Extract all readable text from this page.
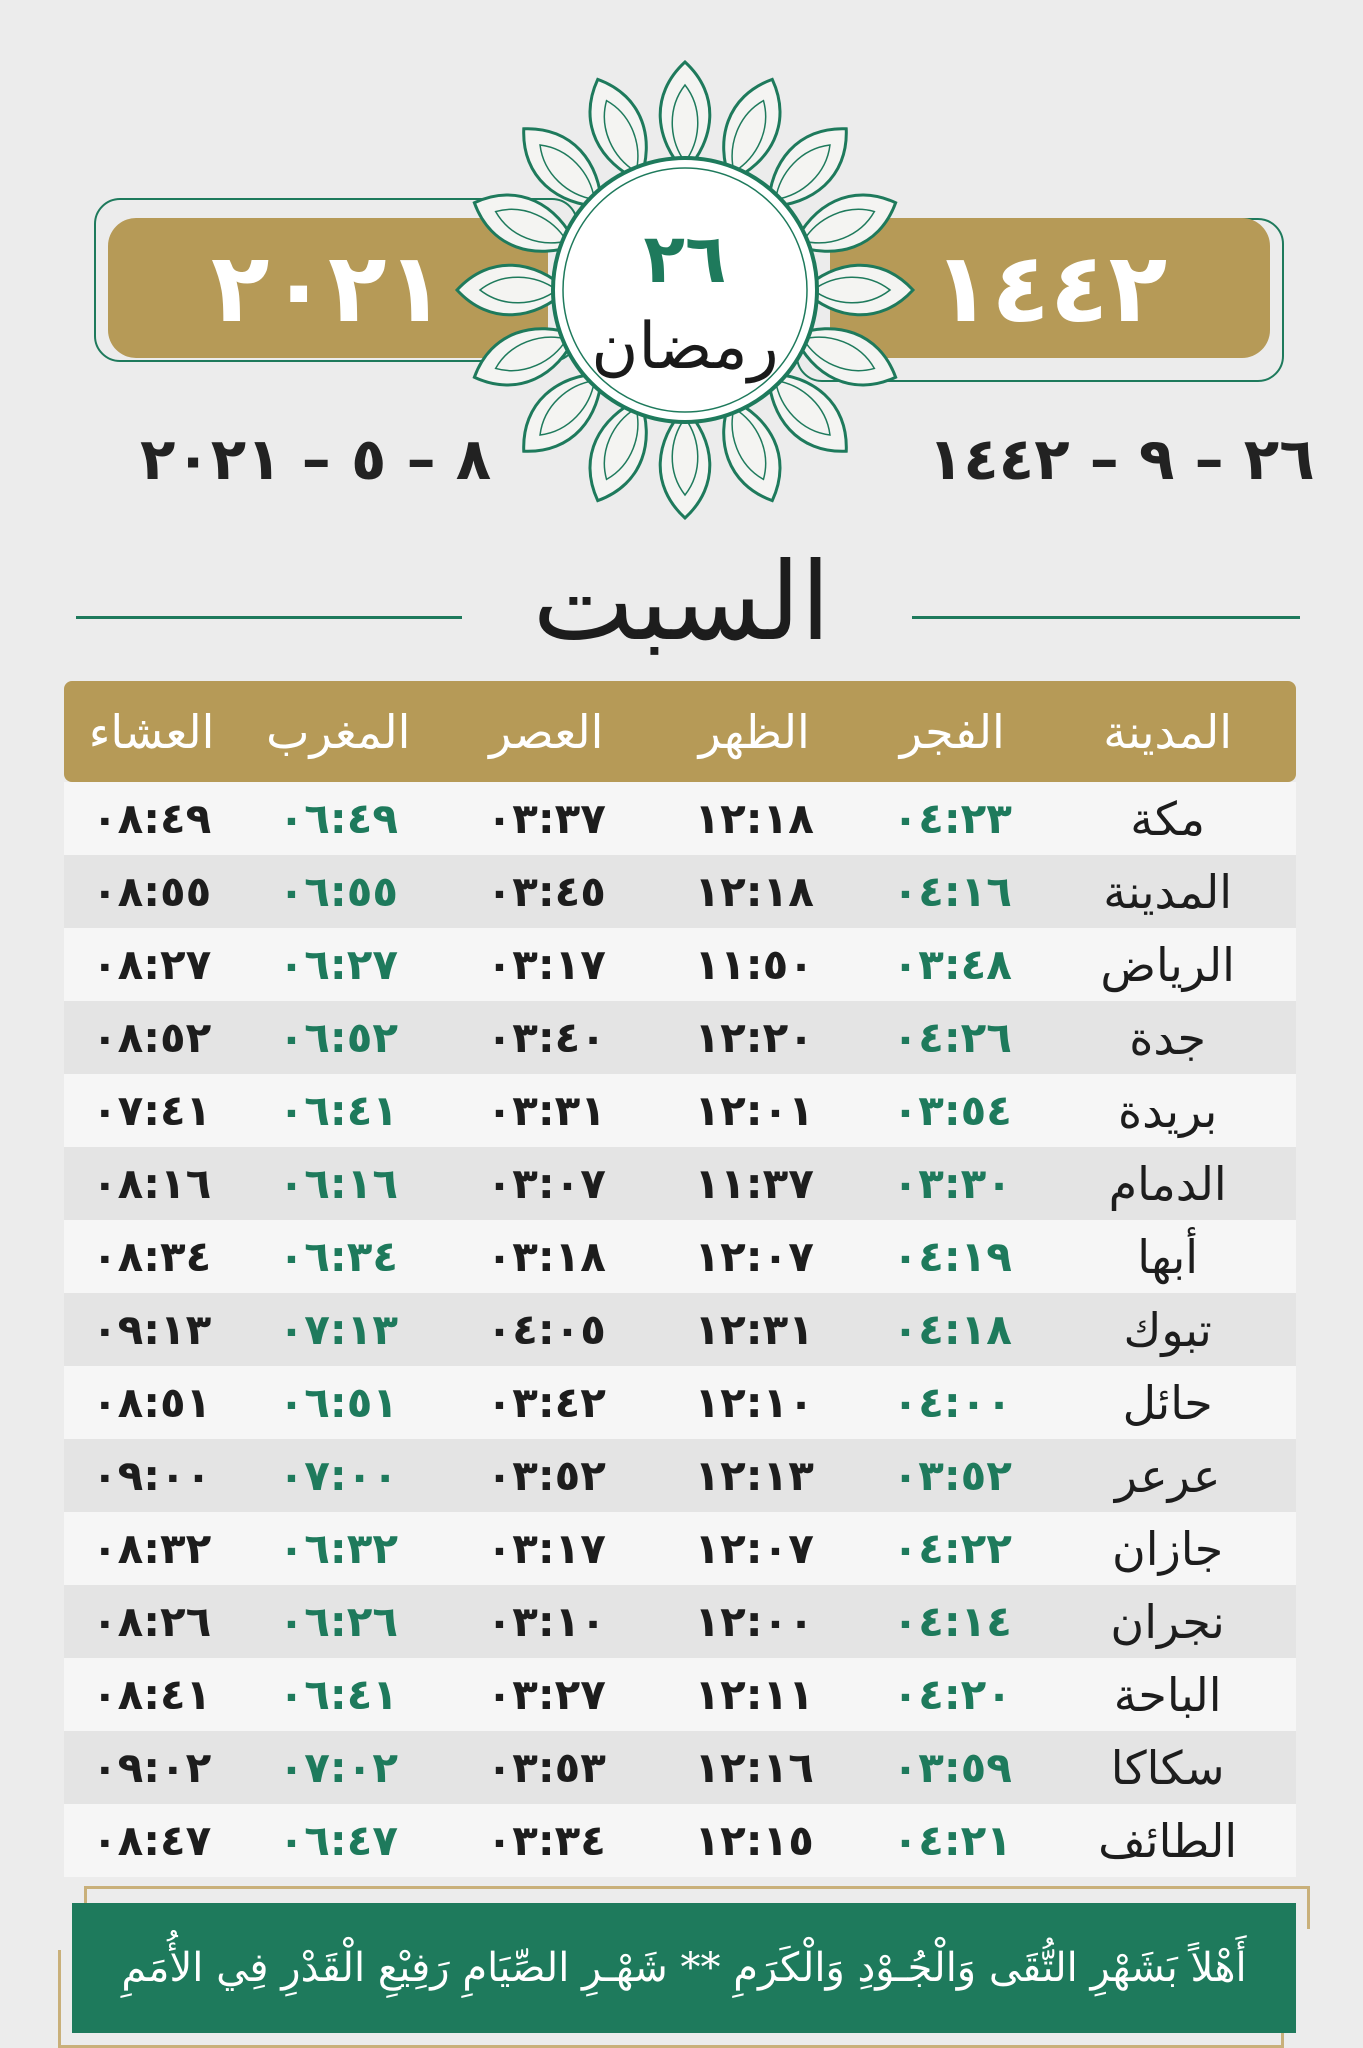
٢٠٢١	١٤٤٢
٢٦
رمضان
٨ – ٥ – ٢٠٢١	٢٦ – ٩ – ١٤٤٢
السبت
المدينة
الفجر
الظهر
العصر
المغرب
العشاء
مكة
٠٤:٢٣
١٢:١٨
٠٣:٣٧
٠٦:٤٩
٠٨:٤٩
المدينة
٠٤:١٦
١٢:١٨
٠٣:٤٥
٠٦:٥٥
٠٨:٥٥
الرياض
٠٣:٤٨
١١:٥٠
٠٣:١٧
٠٦:٢٧
٠٨:٢٧
جدة
٠٤:٢٦
١٢:٢٠
٠٣:٤٠
٠٦:٥٢
٠٨:٥٢
بريدة
٠٣:٥٤
١٢:٠١
٠٣:٣١
٠٦:٤١
٠٧:٤١
الدمام
٠٣:٣٠
١١:٣٧
٠٣:٠٧
٠٦:١٦
٠٨:١٦
أبها
٠٤:١٩
١٢:٠٧
٠٣:١٨
٠٦:٣٤
٠٨:٣٤
تبوك
٠٤:١٨
١٢:٣١
٠٤:٠٥
٠٧:١٣
٠٩:١٣
حائل
٠٤:٠٠
١٢:١٠
٠٣:٤٢
٠٦:٥١
٠٨:٥١
عرعر
٠٣:٥٢
١٢:١٣
٠٣:٥٢
٠٧:٠٠
٠٩:٠٠
جازان
٠٤:٢٢
١٢:٠٧
٠٣:١٧
٠٦:٣٢
٠٨:٣٢
نجران
٠٤:١٤
١٢:٠٠
٠٣:١٠
٠٦:٢٦
٠٨:٢٦
الباحة
٠٤:٢٠
١٢:١١
٠٣:٢٧
٠٦:٤١
٠٨:٤١
سكاكا
٠٣:٥٩
١٢:١٦
٠٣:٥٣
٠٧:٠٢
٠٩:٠٢
الطائف
٠٤:٢١
١٢:١٥
٠٣:٣٤
٠٦:٤٧
٠٨:٤٧
أَهْلاً بَشَهْرِ التُّقَى وَالْجُـوْدِ وَالْكَرَمِ ** شَهْـرِ الصِّيَامِ رَفِيْعِ الْقَدْرِ فِي الأُمَمِ
